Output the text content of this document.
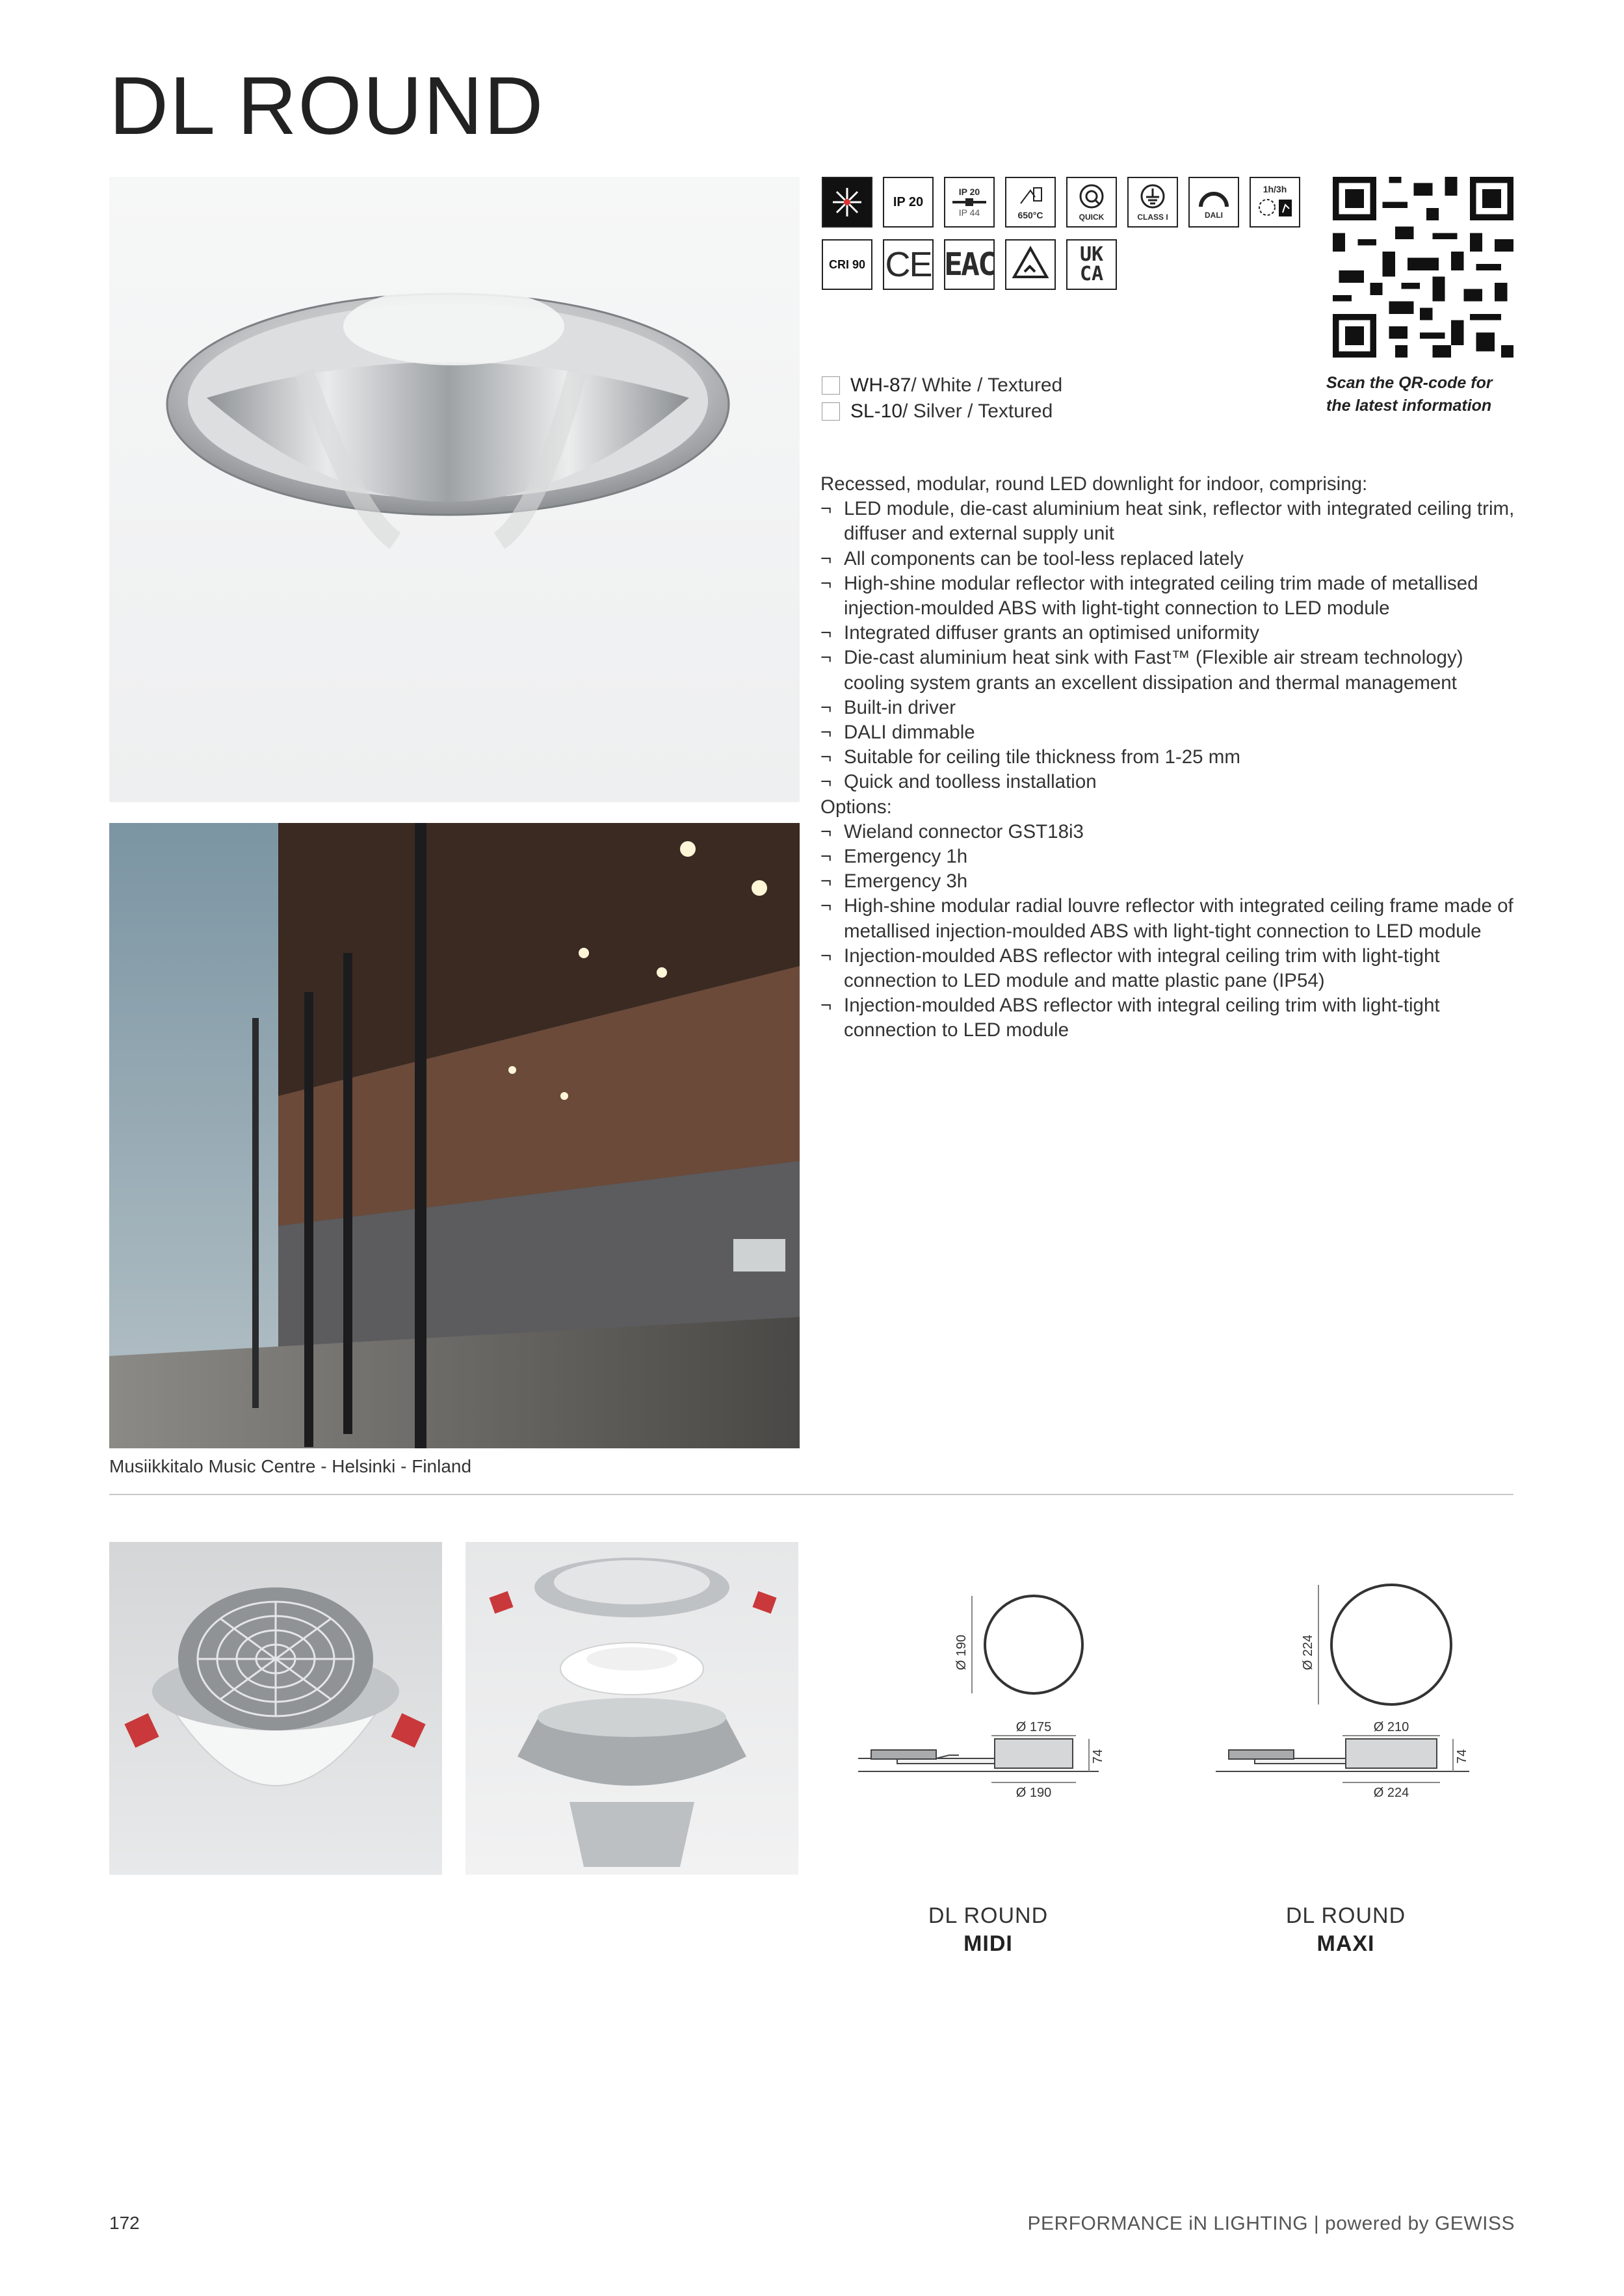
DL ROUND
Musiikkitalo Music Centre - Helsinki - Finland
IP 20
IP 20
IP 44	650°C	QUICK	CLASS I	DALI
1h/3h
CRI 90 CE EAC	UK CA
Scan the QR-code for
the latest information
WH-87 / White / Textured
SL-10 / Silver / Textured
Recessed, modular, round LED downlight for indoor, comprising:
¬ LED module, die-cast aluminium heat sink, reflector with integrated ceiling trim, diffuser and external supply unit
¬ All components can be tool-less replaced lately
¬ High-shine modular reflector with integrated ceiling trim made of metallised injection-moulded ABS with light-tight connection to LED module
¬ Integrated diffuser grants an optimised uniformity
¬ Die-cast aluminium heat sink with Fast™ (Flexible air stream technology) cooling system grants an excellent dissipation and thermal management
¬ Built-in driver
¬ DALI dimmable
¬ Suitable for ceiling tile thickness from 1-25 mm
¬ Quick and toolless installation
Options:
¬ Wieland connector GST18i3
¬ Emergency 1h
¬ Emergency 3h
¬ High-shine modular radial louvre reflector with integrated ceiling frame made of metallised injection-moulded ABS with light-tight connection to LED module
¬ Injection-moulded ABS reflector with integral ceiling trim with light-tight connection to LED module and matte plastic pane (IP54)
¬ Injection-moulded ABS reflector with integral ceiling trim with light-tight connection to LED module
Ø 190
Ø 175
Ø 190
74
Ø 224
Ø 210
Ø 224
74
DL ROUND
MIDI
DL ROUND
MAXI
172	PERFORMANCE iN LIGHTING | powered by GEWISS
